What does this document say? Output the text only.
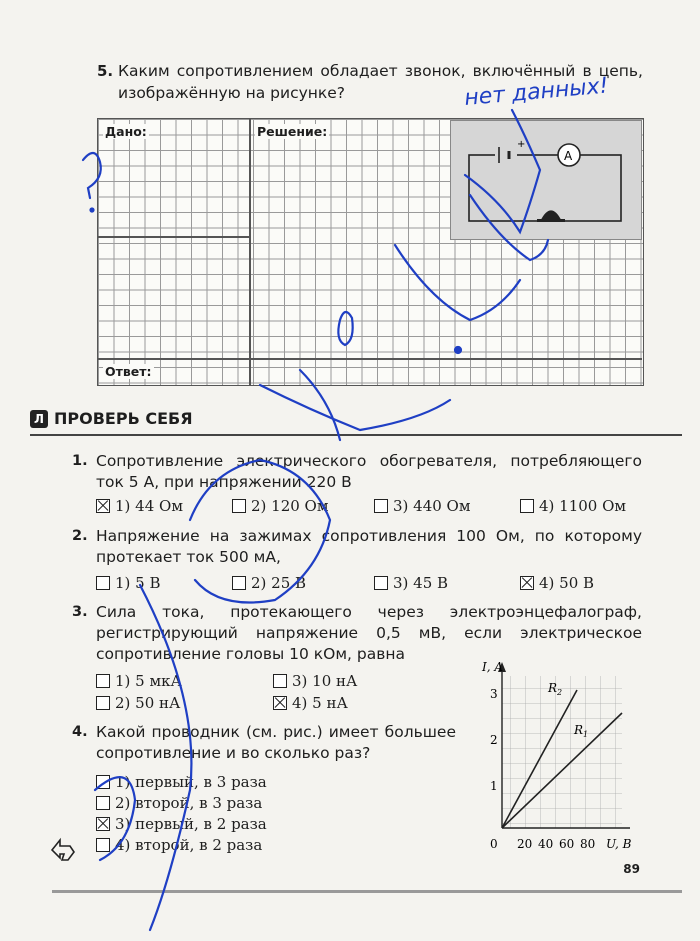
5. Каким сопротивлением обладает звонок, включённый в цепь, изображённую на рисунке?
Дано:	Решение:
Ответ:
+
A
Л ПРОВЕРЬ СЕБЯ
1. Сопротивление электрического обогревателя, потребляющего ток 5 А, при напряжении 220 В
1) 44 Ом	2) 120 Ом	3) 440 Ом	4) 1100 Ом
2. Напряжение на зажимах сопротивления 100 Ом, по которому протекает ток 500 мА,
1) 5 В	2) 25 В	3) 45 В	4) 50 В
3. Сила тока, протекающего через электроэнцефалограф, регистрирующий напряжение 0,5 мВ, если электрическое сопротивление головы 10 кОм, равна
1) 5 мкА	3) 10 нА
2) 50 нА	4) 5 нА
4. Какой проводник (см. рис.) имеет большее сопротивление и во сколько раз?
1) первый, в 3 раза
2) второй, в 3 раза
3) первый, в 2 раза
4) второй, в 2 раза
I, A
2
3
1
0 20 40 60 80 U, B
$R_2$
$R_1$
89
нет данных!
